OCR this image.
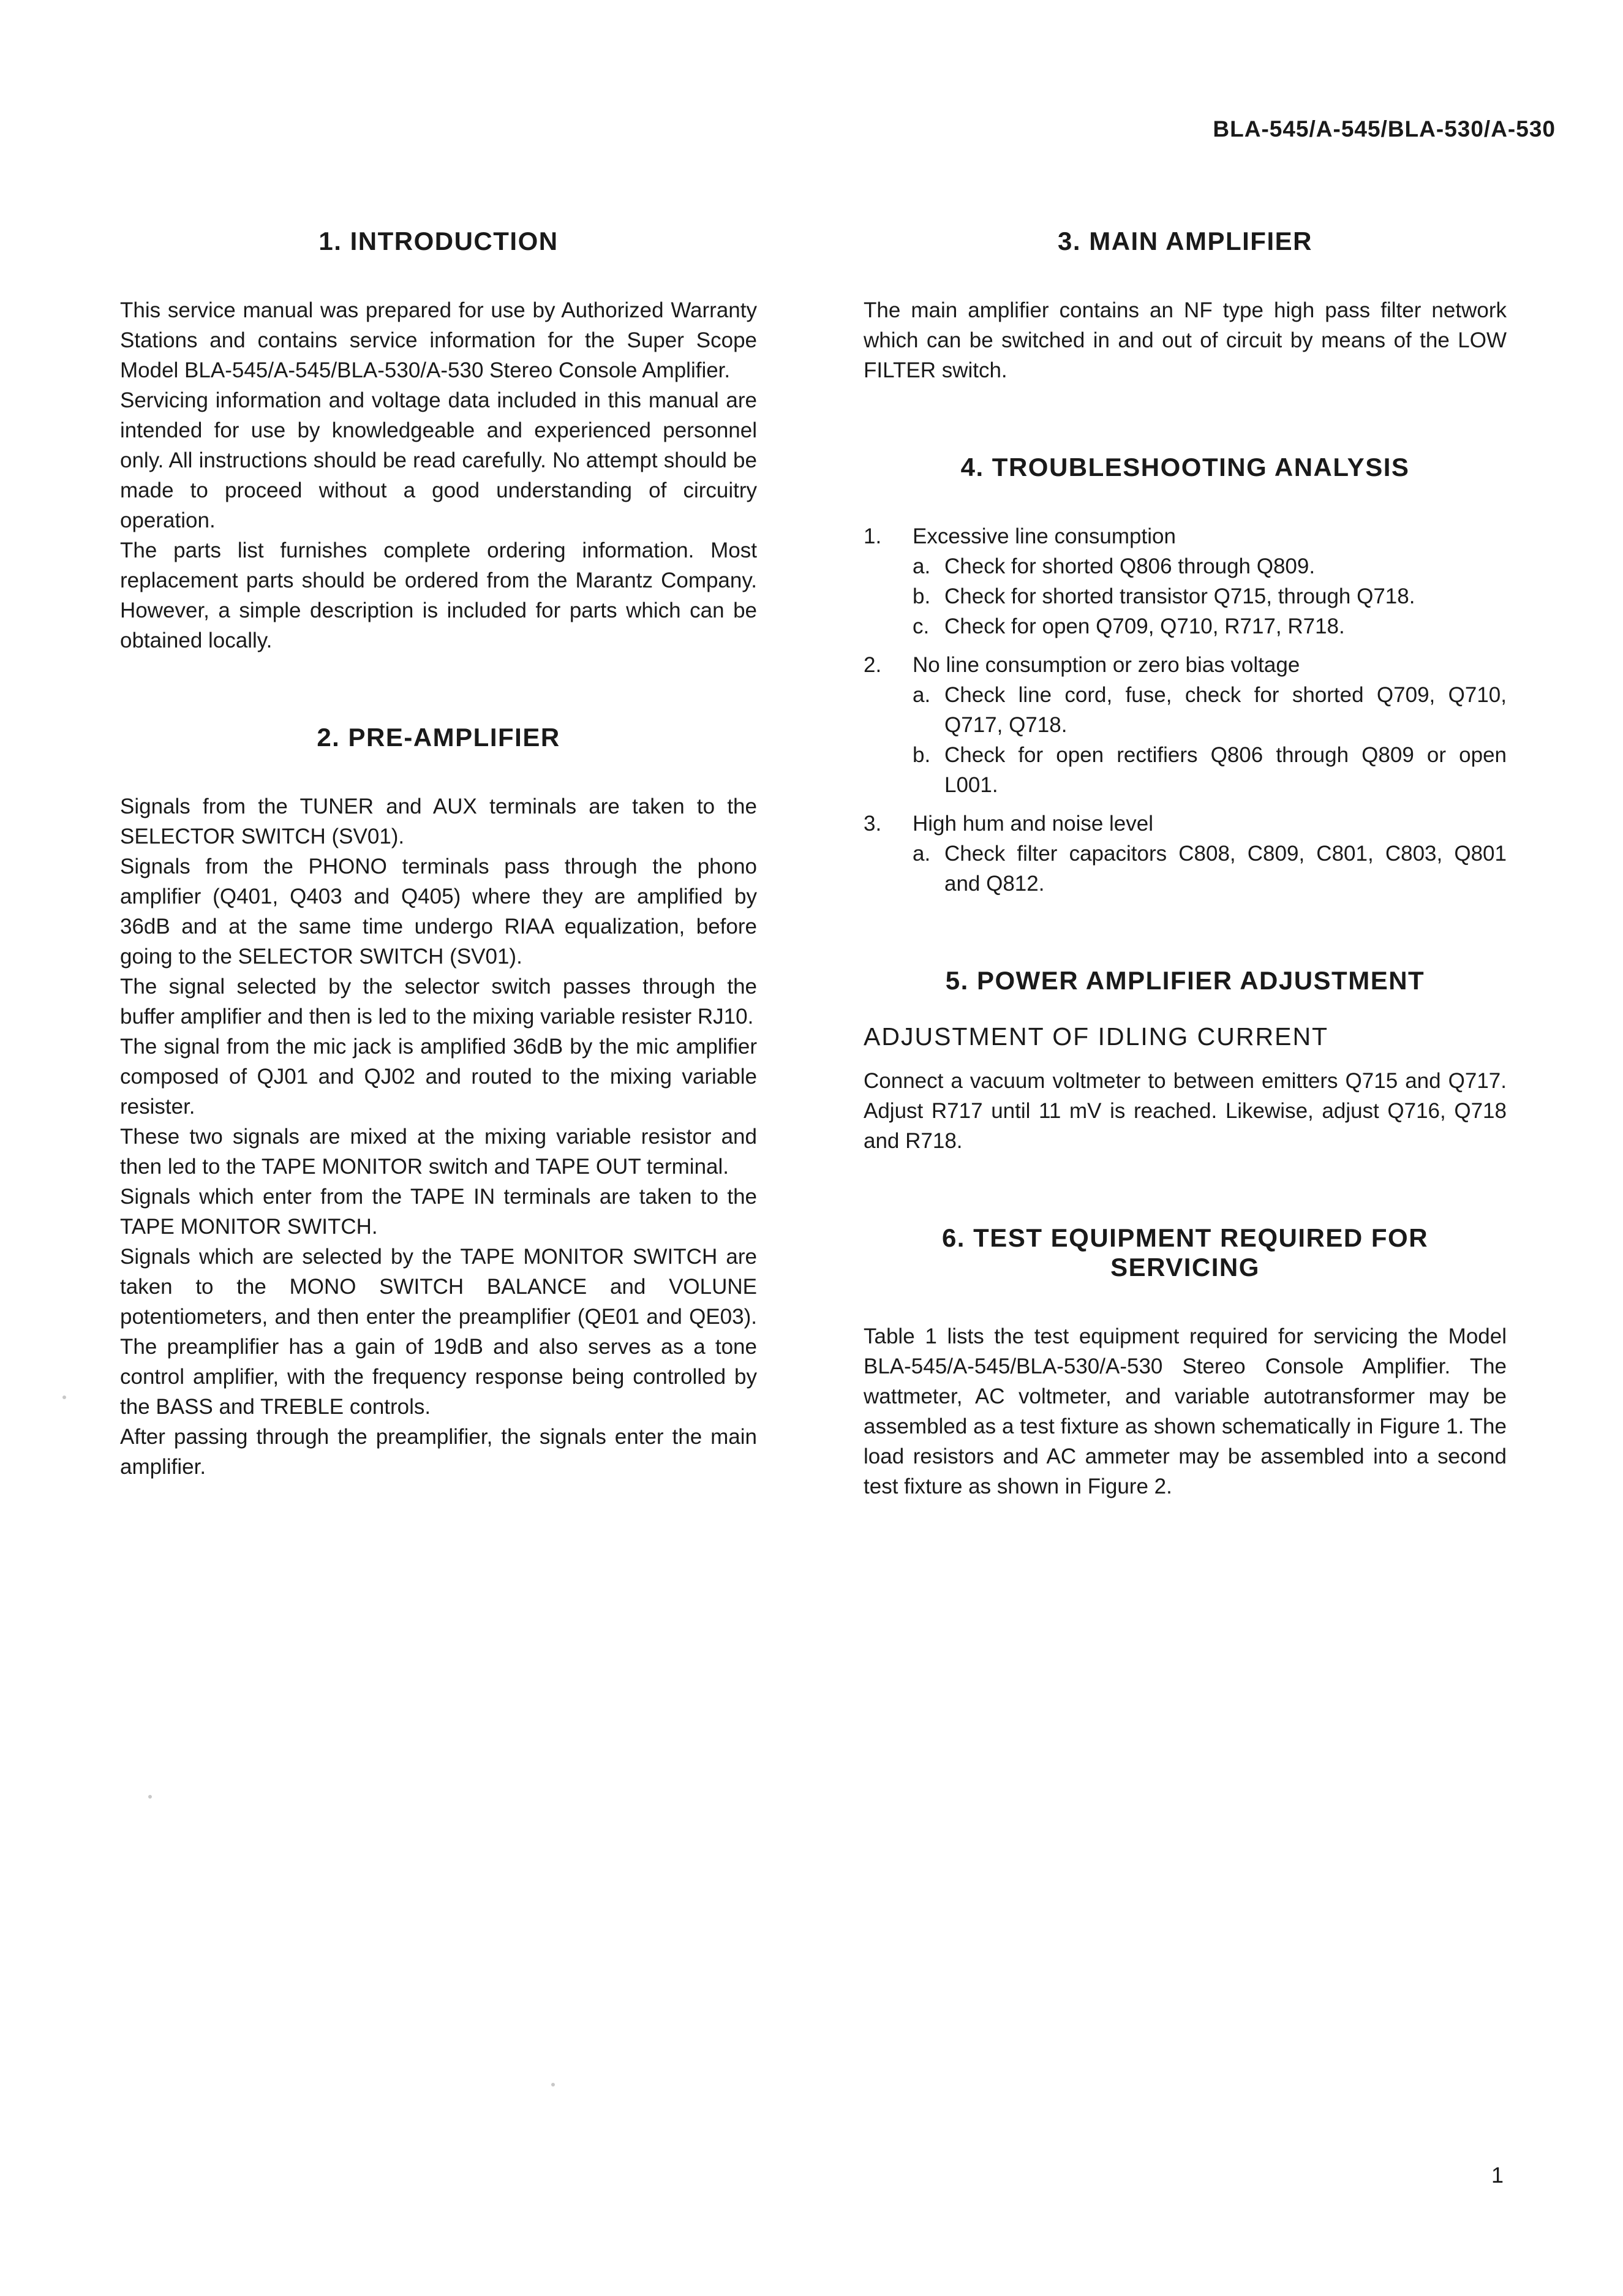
BLA-545/A-545/BLA-530/A-530
1. INTRODUCTION

This service manual was prepared for use by Authorized Warranty Stations and contains service information for the Super Scope Model BLA-545/A-545/BLA-530/A-530 Stereo Console Amplifier.

Servicing information and voltage data included in this manual are intended for use by knowledgeable and experienced personnel only. All instructions should be read carefully. No attempt should be made to proceed without a good understanding of circuitry operation.

The parts list furnishes complete ordering information. Most replacement parts should be ordered from the Marantz Company. However, a simple description is included for parts which can be obtained locally.

2. PRE-AMPLIFIER

Signals from the TUNER and AUX terminals are taken to the SELECTOR SWITCH (SV01).

Signals from the PHONO terminals pass through the phono amplifier (Q401, Q403 and Q405) where they are amplified by 36dB and at the same time undergo RIAA equalization, before going to the SELECTOR SWITCH (SV01).

The signal selected by the selector switch passes through the buffer amplifier and then is led to the mixing variable resister RJ10.

The signal from the mic jack is amplified 36dB by the mic amplifier composed of QJ01 and QJ02 and routed to the mixing variable resister.

These two signals are mixed at the mixing variable resistor and then led to the TAPE MONITOR switch and TAPE OUT terminal.

Signals which enter from the TAPE IN terminals are taken to the TAPE MONITOR SWITCH.

Signals which are selected by the TAPE MONITOR SWITCH are taken to the MONO SWITCH BALANCE and VOLUNE potentiometers, and then enter the preamplifier (QE01 and QE03). The preamplifier has a gain of 19dB and also serves as a tone control amplifier, with the frequency response being controlled by the BASS and TREBLE controls.

After passing through the preamplifier, the signals enter the main amplifier.

3. MAIN AMPLIFIER

The main amplifier contains an NF type high pass filter network which can be switched in and out of circuit by means of the LOW FILTER switch.

4. TROUBLESHOOTING ANALYSIS
1. Excessive line consumption
a. Check for shorted Q806 through Q809.
b. Check for shorted transistor Q715, through Q718.
c. Check for open Q709, Q710, R717, R718.
2. No line consumption or zero bias voltage
a. Check line cord, fuse, check for shorted Q709, Q710, Q717, Q718.
b. Check for open rectifiers Q806 through Q809 or open L001.
3. High hum and noise level
a. Check filter capacitors C808, C809, C801, C803, Q801 and Q812.
5. POWER AMPLIFIER ADJUSTMENT
ADJUSTMENT OF IDLING CURRENT

Connect a vacuum voltmeter to between emitters Q715 and Q717. Adjust R717 until 11 mV is reached. Likewise, adjust Q716, Q718 and R718.

6. TEST EQUIPMENT REQUIRED FOR SERVICING

Table 1 lists the test equipment required for servicing the Model BLA-545/A-545/BLA-530/A-530 Stereo Console Amplifier. The wattmeter, AC voltmeter, and variable autotransformer may be assembled as a test fixture as shown schematically in Figure 1. The load resistors and AC ammeter may be assembled into a second test fixture as shown in Figure 2.

1
